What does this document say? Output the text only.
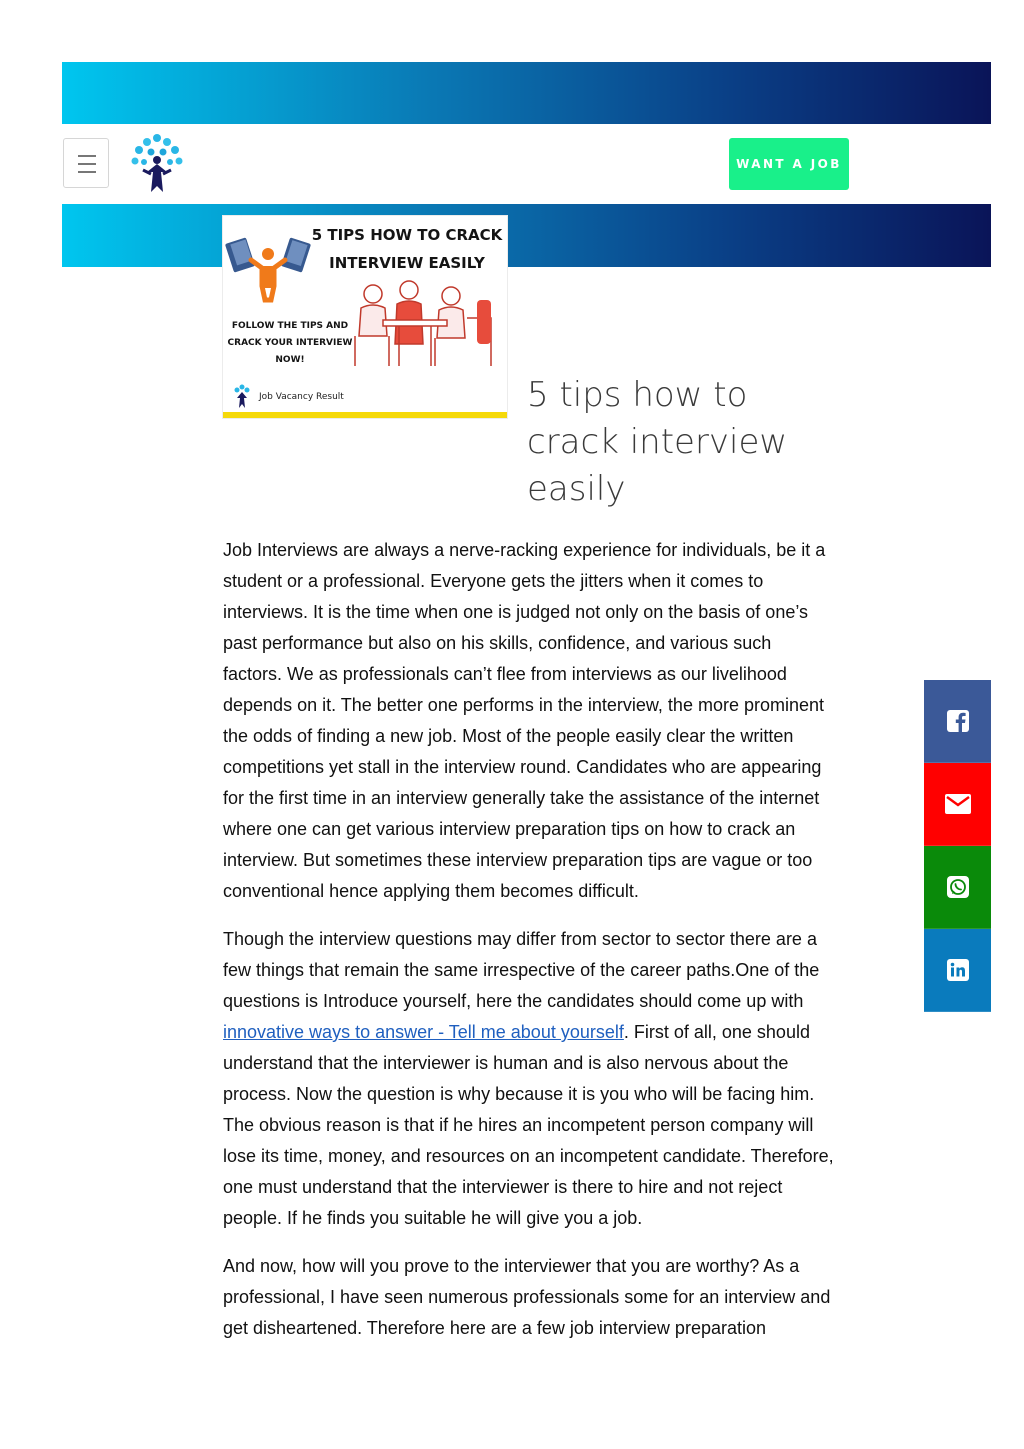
WANT A JOB
5 TIPS HOW TO CRACK
INTERVIEW EASILY
FOLLOW THE TIPS AND
CRACK YOUR INTERVIEW
NOW!
Job Vacancy Result	5 tips how to crack interview easily

Job Interviews are always a nerve-racking experience for individuals, be it a student or a professional. Everyone gets the jitters when it comes to interviews. It is the time when one is judged not only on the basis of one’s past performance but also on his skills, confidence, and various such factors. We as professionals can’t flee from interviews as our livelihood depends on it. The better one performs in the interview, the more prominent the odds of finding a new job. Most of the people easily clear the written competitions yet stall in the interview round. Candidates who are appearing for the first time in an interview generally take the assistance of the internet where one can get various interview preparation tips on how to crack an interview. But sometimes these interview preparation tips are vague or too conventional hence applying them becomes difficult.

Though the interview questions may differ from sector to sector there are a few things that remain the same irrespective of the career paths.One of the questions is Introduce yourself, here the candidates should come up with innovative ways to answer - Tell me about yourself. First of all, one should understand that the interviewer is human and is also nervous about the process. Now the question is why because it is you who will be facing him. The obvious reason is that if he hires an incompetent person company will lose its time, money, and resources on an incompetent candidate. Therefore, one must understand that the interviewer is there to hire and not reject people. If he finds you suitable he will give you a job.

And now, how will you prove to the interviewer that you are worthy? As a professional, I have seen numerous professionals some for an interview and get disheartened. Therefore here are a few job interview preparation
